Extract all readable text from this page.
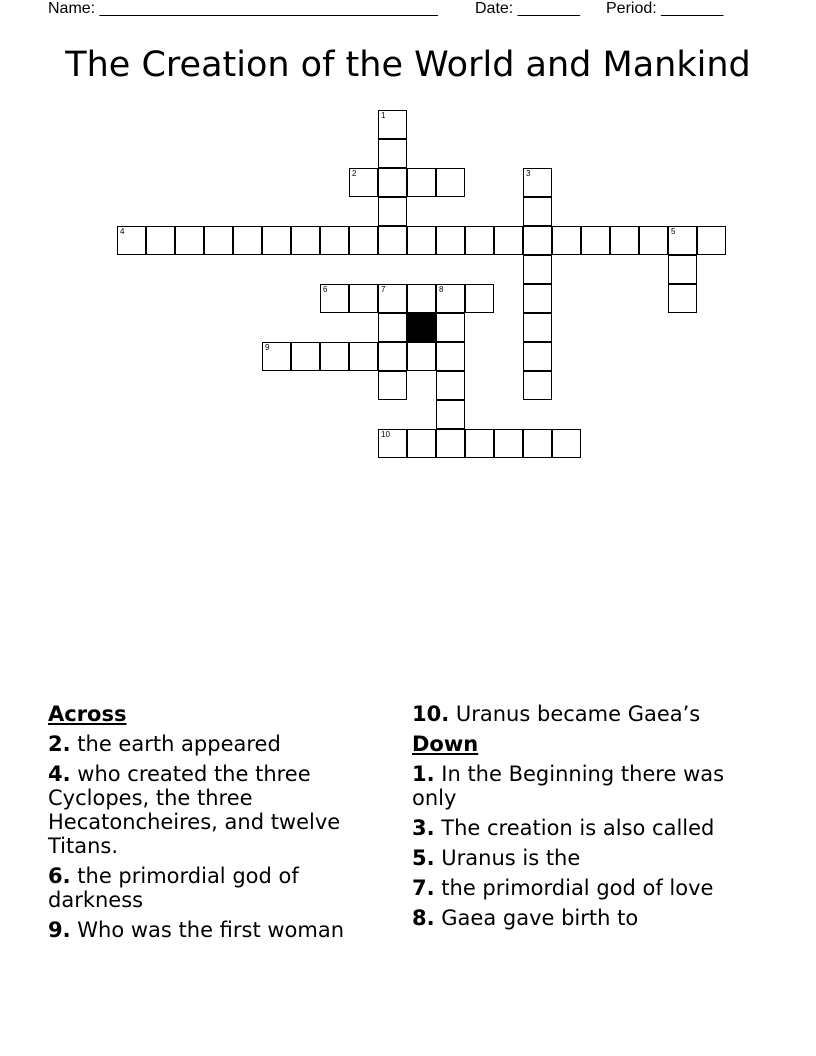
Name: ______________________________________ Date: _______ Period: _______
The Creation of the World and Mankind
1
2	3
4	5
6	7	8
9
10
Across
2. the earth appeared
4. who created the three Cyclopes, the three Hecatoncheires, and twelve Titans.
6. the primordial god of darkness
9. Who was the first woman
10. Uranus became Gaea’s
Down
1. In the Beginning there was only
3. The creation is also called
5. Uranus is the
7. the primordial god of love
8. Gaea gave birth to
